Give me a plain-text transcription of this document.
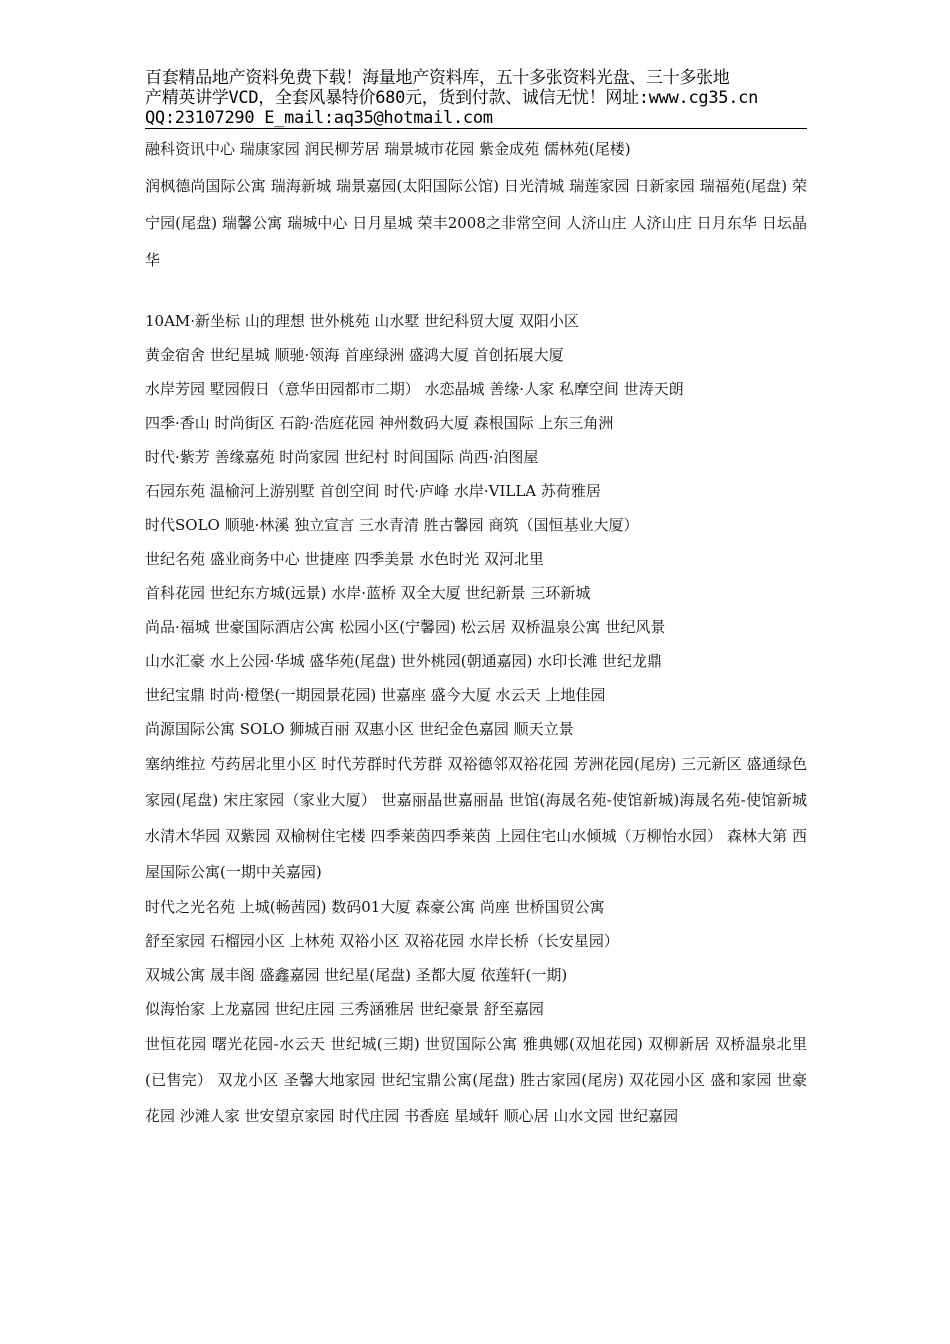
百套精品地产资料免费下载！海量地产资料库，五十多张资料光盘、三十多张地
产精英讲学VCD，全套风暴特价680元，货到付款、诚信无忧！网址:www.cg35.cn
QQ:23107290 E_mail:aq35@hotmail.com

融科资讯中心 瑞康家园 润民柳芳居 瑞景城市花园 紫金成苑 儒林苑(尾楼)

润枫德尚国际公寓 瑞海新城 瑞景嘉园(太阳国际公馆) 日光清城 瑞莲家园 日新家园 瑞福苑(尾盘) 荣宁园(尾盘) 瑞馨公寓 瑞城中心 日月星城 荣丰2008之非常空间 人济山庄 人济山庄 日月东华 日坛晶华

10AM·新坐标 山的理想 世外桃苑 山水墅 世纪科贸大厦 双阳小区

黄金宿舍 世纪星城 顺驰·领海 首座绿洲 盛鸿大厦 首创拓展大厦

水岸芳园 墅园假日（意华田园都市二期） 水恋晶城 善缘·人家 私摩空间 世涛天朗

四季·香山 时尚街区 石韵·浩庭花园 神州数码大厦 森根国际 上东三角洲

时代·紫芳 善缘嘉苑 时尚家园 世纪村 时间国际 尚西·泊图屋

石园东苑 温榆河上游别墅 首创空间 时代·庐峰 水岸·VILLA 苏荷雅居

时代SOLO 顺驰·林溪 独立宣言 三水青清 胜古馨园 商筑（国恒基业大厦）

世纪名苑 盛业商务中心 世捷座 四季美景 水色时光 双河北里

首科花园 世纪东方城(远景) 水岸·蓝桥 双全大厦 世纪新景 三环新城

尚品·福城 世豪国际酒店公寓 松园小区(宁馨园) 松云居 双桥温泉公寓 世纪风景

山水汇豪 水上公园·华城 盛华苑(尾盘) 世外桃园(朝通嘉园) 水印长滩 世纪龙鼎

世纪宝鼎 时尚·橙堡(一期园景花园) 世嘉座 盛今大厦 水云天 上地佳园

尚源国际公寓 SOLO 狮城百丽 双惠小区 世纪金色嘉园 顺天立景

塞纳维拉 芍药居北里小区 时代芳群时代芳群 双裕德邻双裕花园 芳洲花园(尾房) 三元新区 盛通绿色家园(尾盘) 宋庄家园（家业大厦） 世嘉丽晶世嘉丽晶 世馆(海晟名苑-使馆新城)海晟名苑-使馆新城 水清木华园 双紫园 双榆树住宅楼 四季莱茵四季莱茵 上园住宅山水倾城（万柳怡水园） 森林大第 西屋国际公寓(一期中关嘉园)

时代之光名苑 上城(畅茜园) 数码01大厦 森豪公寓 尚座 世桥国贸公寓

舒至家园 石榴园小区 上林苑 双裕小区 双裕花园 水岸长桥（长安星园）

双城公寓 晟丰阁 盛鑫嘉园 世纪星(尾盘) 圣都大厦 依莲轩(一期)

似海怡家 上龙嘉园 世纪庄园 三秀涵雅居 世纪豪景 舒至嘉园

世恒花园 曙光花园-水云天 世纪城(三期) 世贸国际公寓 雅典娜(双旭花园) 双柳新居 双桥温泉北里(已售完） 双龙小区 圣馨大地家园 世纪宝鼎公寓(尾盘) 胜古家园(尾房) 双花园小区 盛和家园 世豪花园 沙滩人家 世安望京家园 时代庄园 书香庭 星域轩 顺心居 山水文园 世纪嘉园
